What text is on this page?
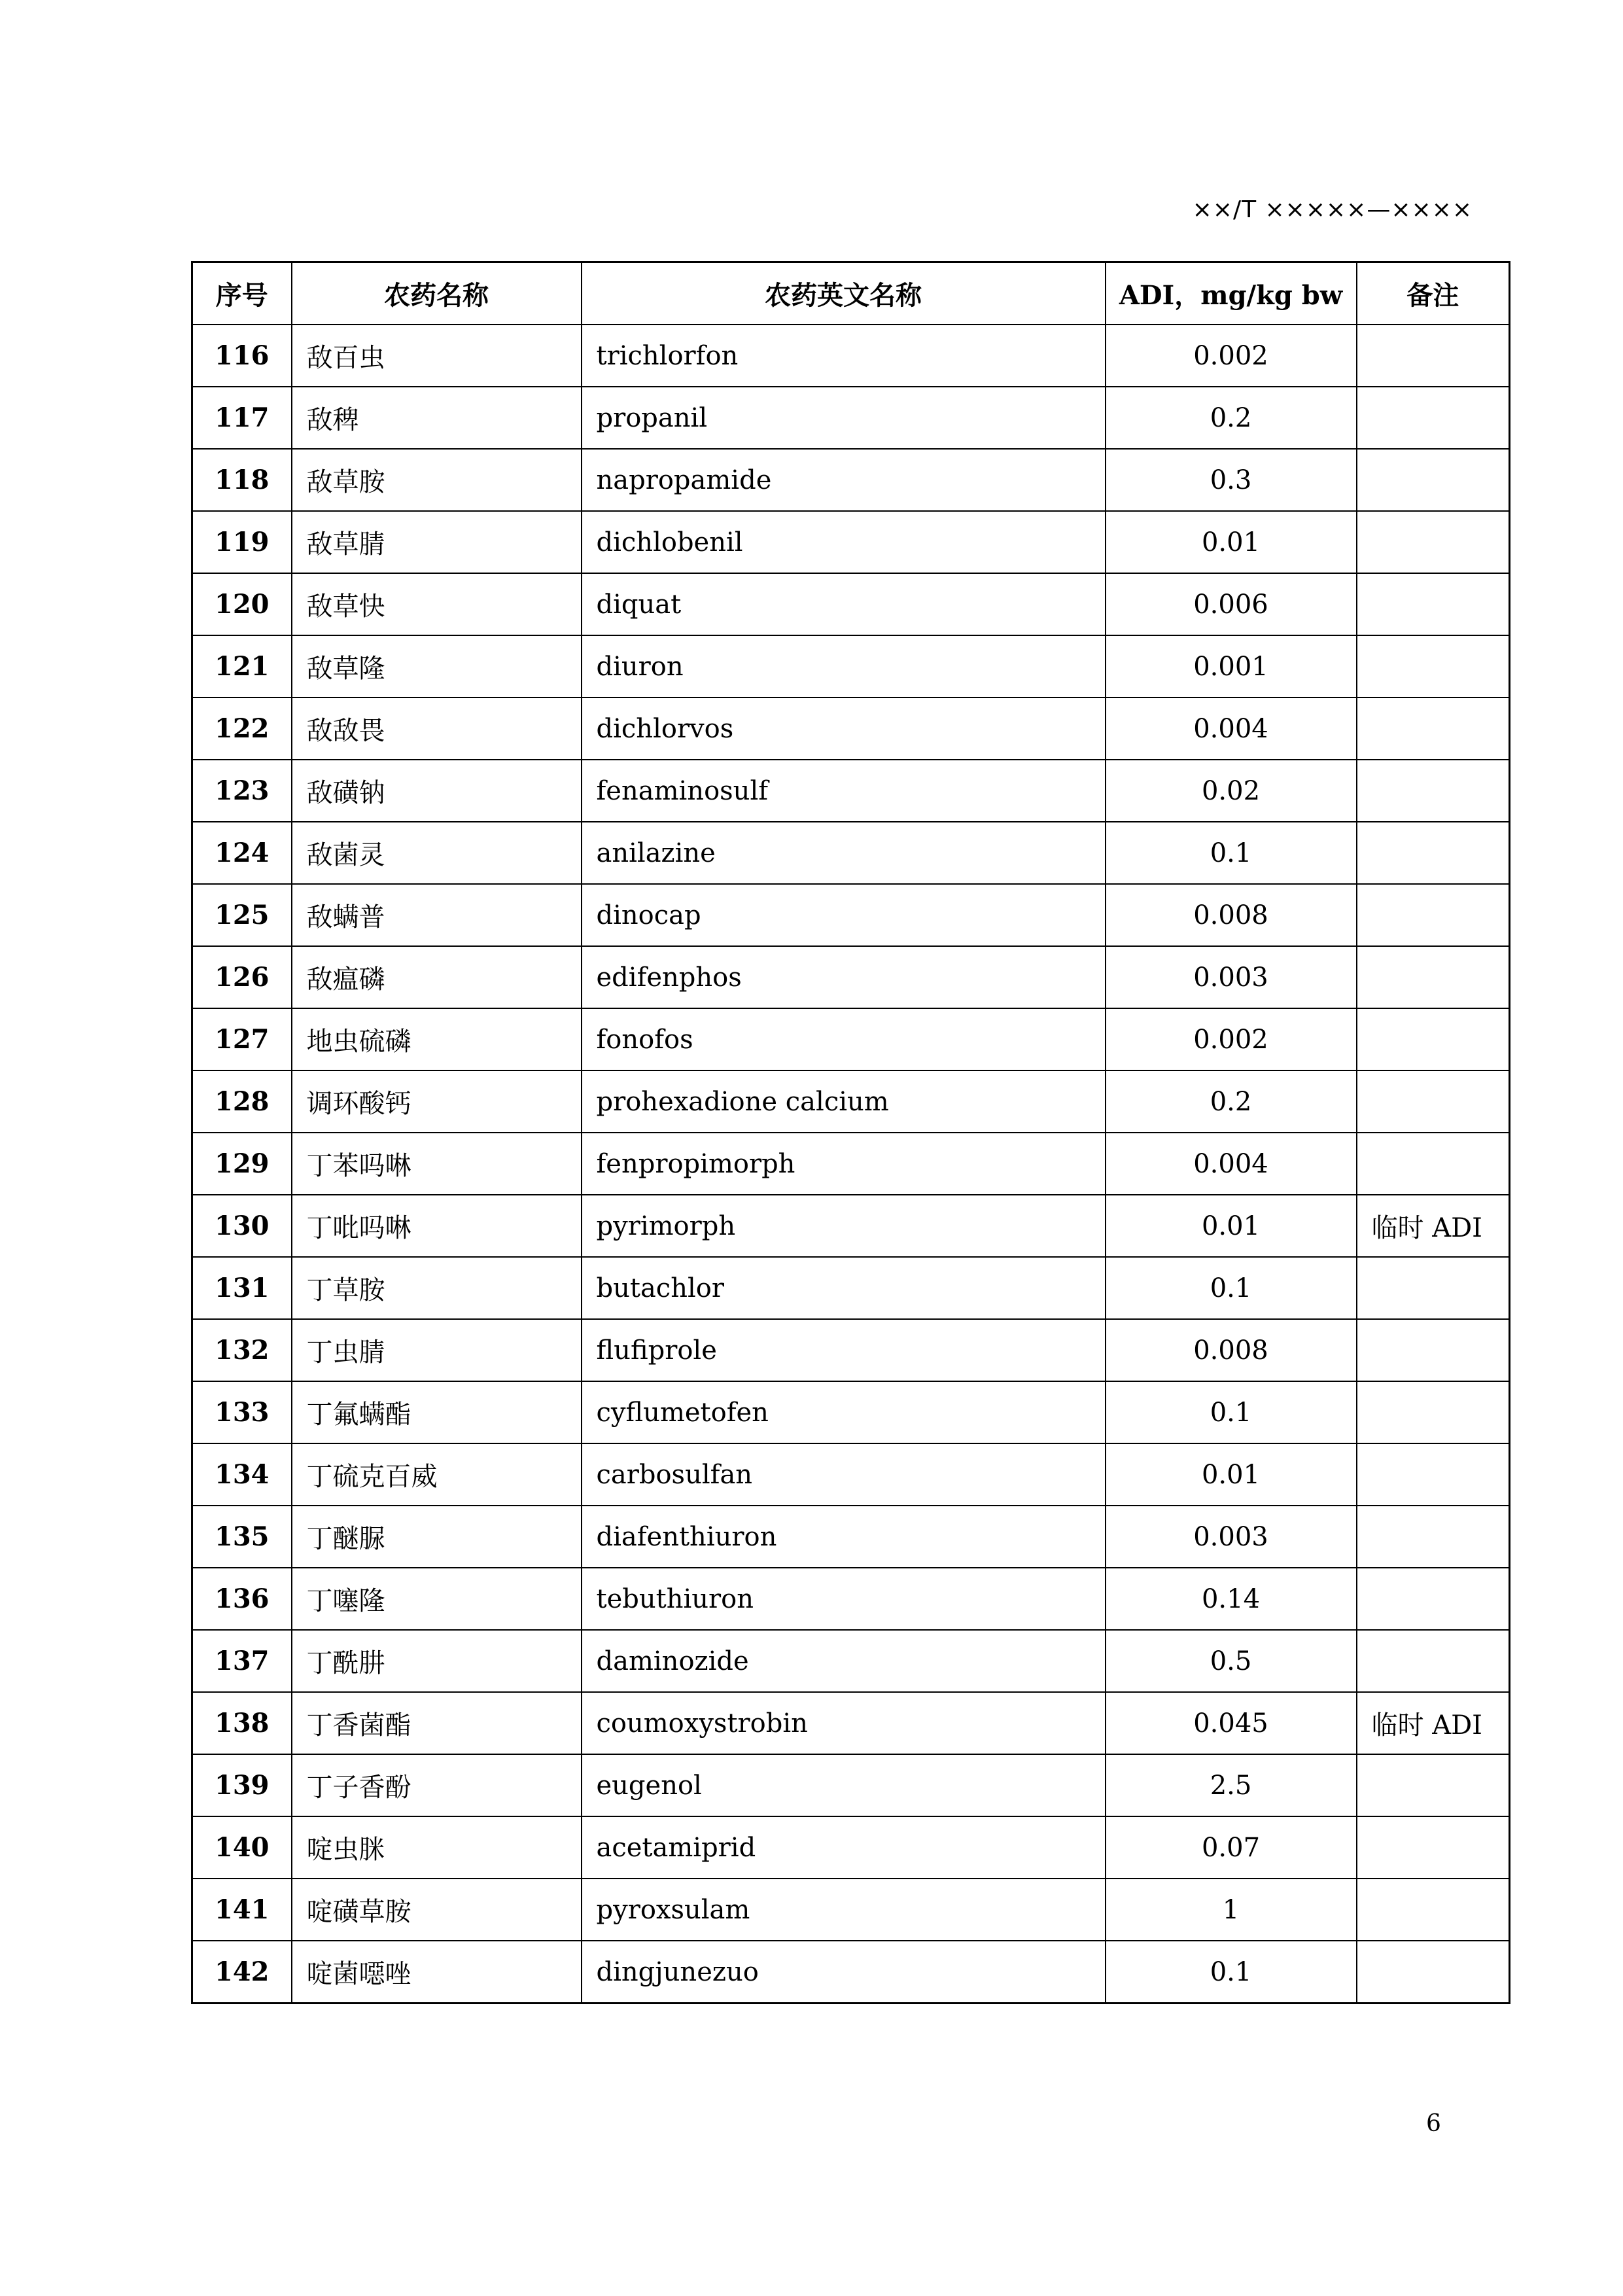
××/T ×××××—××××
序号	农药名称	农药英文名称	ADI，mg/kg bw	备注
116	敌百虫	trichlorfon	0.002	
117	敌稗	propanil	0.2	
118	敌草胺	napropamide	0.3	
119	敌草腈	dichlobenil	0.01	
120	敌草快	diquat	0.006	
121	敌草隆	diuron	0.001	
122	敌敌畏	dichlorvos	0.004	
123	敌磺钠	fenaminosulf	0.02	
124	敌菌灵	anilazine	0.1	
125	敌螨普	dinocap	0.008	
126	敌瘟磷	edifenphos	0.003	
127	地虫硫磷	fonofos	0.002	
128	调环酸钙	prohexadione calcium	0.2	
129	丁苯吗啉	fenpropimorph	0.004	
130	丁吡吗啉	pyrimorph	0.01	临时 ADI
131	丁草胺	butachlor	0.1	
132	丁虫腈	flufiprole	0.008	
133	丁氟螨酯	cyflumetofen	0.1	
134	丁硫克百威	carbosulfan	0.01	
135	丁醚脲	diafenthiuron	0.003	
136	丁噻隆	tebuthiuron	0.14	
137	丁酰肼	daminozide	0.5	
138	丁香菌酯	coumoxystrobin	0.045	临时 ADI
139	丁子香酚	eugenol	2.5	
140	啶虫脒	acetamiprid	0.07	
141	啶磺草胺	pyroxsulam	1	
142	啶菌噁唑	dingjunezuo	0.1	
6
